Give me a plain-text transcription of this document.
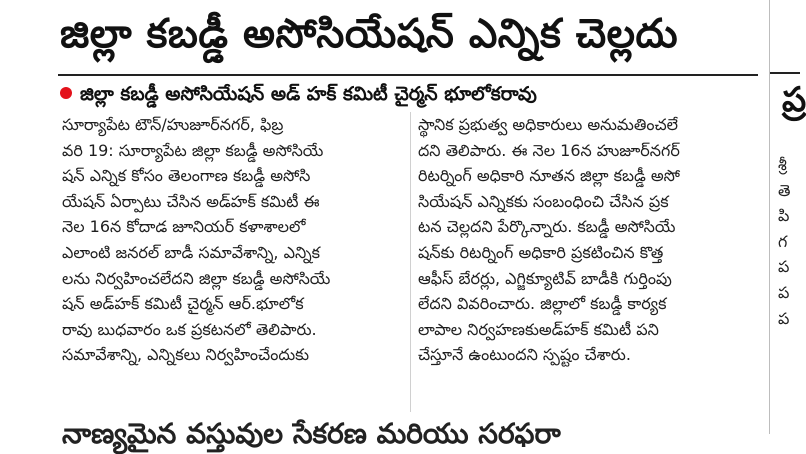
జిల్లా కబడ్డీ అసోసియేషన్ ఎన్నిక చెల్లదు
జిల్లా కబడ్డీ అసోసియేషన్ అడ్ హక్ కమిటీ చైర్మన్ భూలోకరావు
సూర్యాపేట టౌన్/హుజూర్‌నగర్, ఫిబ్ర
వరి 19: సూర్యాపేట జిల్లా కబడ్డీ అసోసియే
షన్ ఎన్నిక కోసం తెలంగాణ కబడ్డీ అసోసి
యేషన్ ఏర్పాటు చేసిన అడ్‌హక్ కమిటీ ఈ
నెల 16న కోదాడ జూనియర్ కళాశాలలో
ఎలాంటి జనరల్ బాడీ సమావేశాన్ని, ఎన్నిక
లను నిర్వహించలేదని జిల్లా కబడ్డీ అసోసియే
షన్ అడ్‌హక్ కమిటీ చైర్మన్ ఆర్.భూలోక
రావు బుధవారం ఒక ప్రకటనలో తెలిపారు.
సమావేశాన్ని, ఎన్నికలు నిర్వహించేందుకు
స్థానిక ప్రభుత్వ అధికారులు అనుమతించలే
దని తెలిపారు. ఈ నెల 16న హుజూర్‌నగర్
రిటర్నింగ్ అధికారి నూతన జిల్లా కబడ్డీ అసో
సియేషన్ ఎన్నికకు సంబంధించి చేసిన ప్రక
టన చెల్లదని పేర్కొన్నారు. కబడ్డీ అసోసియే
షన్‌కు రిటర్నింగ్ అధికారి ప్రకటించిన కొత్త
ఆఫీస్ బేరర్లు, ఎగ్జిక్యూటివ్ బాడీకి గుర్తింపు
లేదని వివరించారు. జిల్లాలో కబడ్డీ కార్యక
లాపాల నిర్వహణకుఅడ్‌హక్ కమిటీ పని
చేస్తూనే ఉంటుందని స్పష్టం చేశారు.
నాణ్యమైన వస్తువుల సేకరణ మరియు సరఫరా
ప్ర
శ్రీ
తె
పి
గ
ప
ప
ప
